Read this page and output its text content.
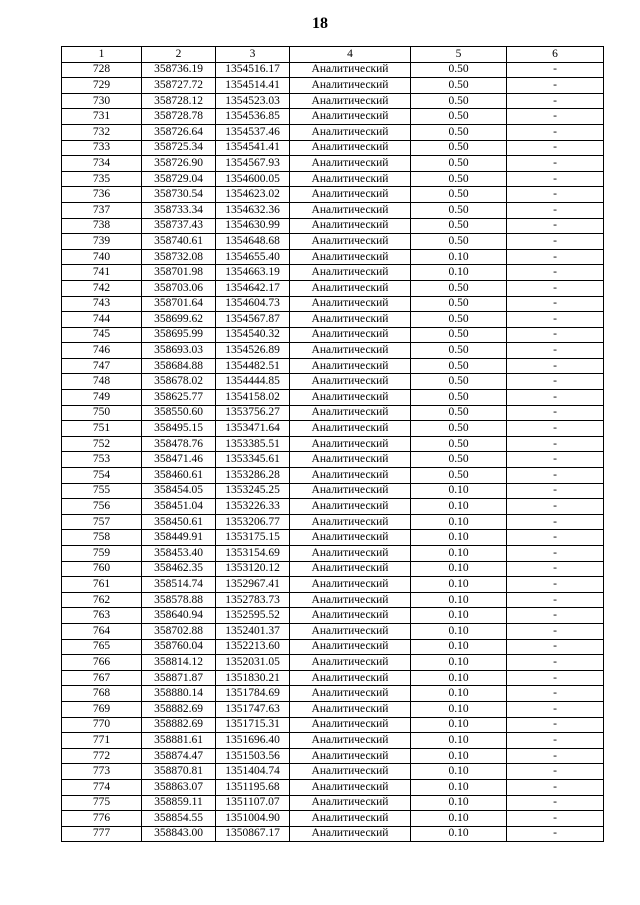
18
1	2	3	4	5	6
728	358736.19	1354516.17	Аналитический	0.50	-
729	358727.72	1354514.41	Аналитический	0.50	-
730	358728.12	1354523.03	Аналитический	0.50	-
731	358728.78	1354536.85	Аналитический	0.50	-
732	358726.64	1354537.46	Аналитический	0.50	-
733	358725.34	1354541.41	Аналитический	0.50	-
734	358726.90	1354567.93	Аналитический	0.50	-
735	358729.04	1354600.05	Аналитический	0.50	-
736	358730.54	1354623.02	Аналитический	0.50	-
737	358733.34	1354632.36	Аналитический	0.50	-
738	358737.43	1354630.99	Аналитический	0.50	-
739	358740.61	1354648.68	Аналитический	0.50	-
740	358732.08	1354655.40	Аналитический	0.10	-
741	358701.98	1354663.19	Аналитический	0.10	-
742	358703.06	1354642.17	Аналитический	0.50	-
743	358701.64	1354604.73	Аналитический	0.50	-
744	358699.62	1354567.87	Аналитический	0.50	-
745	358695.99	1354540.32	Аналитический	0.50	-
746	358693.03	1354526.89	Аналитический	0.50	-
747	358684.88	1354482.51	Аналитический	0.50	-
748	358678.02	1354444.85	Аналитический	0.50	-
749	358625.77	1354158.02	Аналитический	0.50	-
750	358550.60	1353756.27	Аналитический	0.50	-
751	358495.15	1353471.64	Аналитический	0.50	-
752	358478.76	1353385.51	Аналитический	0.50	-
753	358471.46	1353345.61	Аналитический	0.50	-
754	358460.61	1353286.28	Аналитический	0.50	-
755	358454.05	1353245.25	Аналитический	0.10	-
756	358451.04	1353226.33	Аналитический	0.10	-
757	358450.61	1353206.77	Аналитический	0.10	-
758	358449.91	1353175.15	Аналитический	0.10	-
759	358453.40	1353154.69	Аналитический	0.10	-
760	358462.35	1353120.12	Аналитический	0.10	-
761	358514.74	1352967.41	Аналитический	0.10	-
762	358578.88	1352783.73	Аналитический	0.10	-
763	358640.94	1352595.52	Аналитический	0.10	-
764	358702.88	1352401.37	Аналитический	0.10	-
765	358760.04	1352213.60	Аналитический	0.10	-
766	358814.12	1352031.05	Аналитический	0.10	-
767	358871.87	1351830.21	Аналитический	0.10	-
768	358880.14	1351784.69	Аналитический	0.10	-
769	358882.69	1351747.63	Аналитический	0.10	-
770	358882.69	1351715.31	Аналитический	0.10	-
771	358881.61	1351696.40	Аналитический	0.10	-
772	358874.47	1351503.56	Аналитический	0.10	-
773	358870.81	1351404.74	Аналитический	0.10	-
774	358863.07	1351195.68	Аналитический	0.10	-
775	358859.11	1351107.07	Аналитический	0.10	-
776	358854.55	1351004.90	Аналитический	0.10	-
777	358843.00	1350867.17	Аналитический	0.10	-
